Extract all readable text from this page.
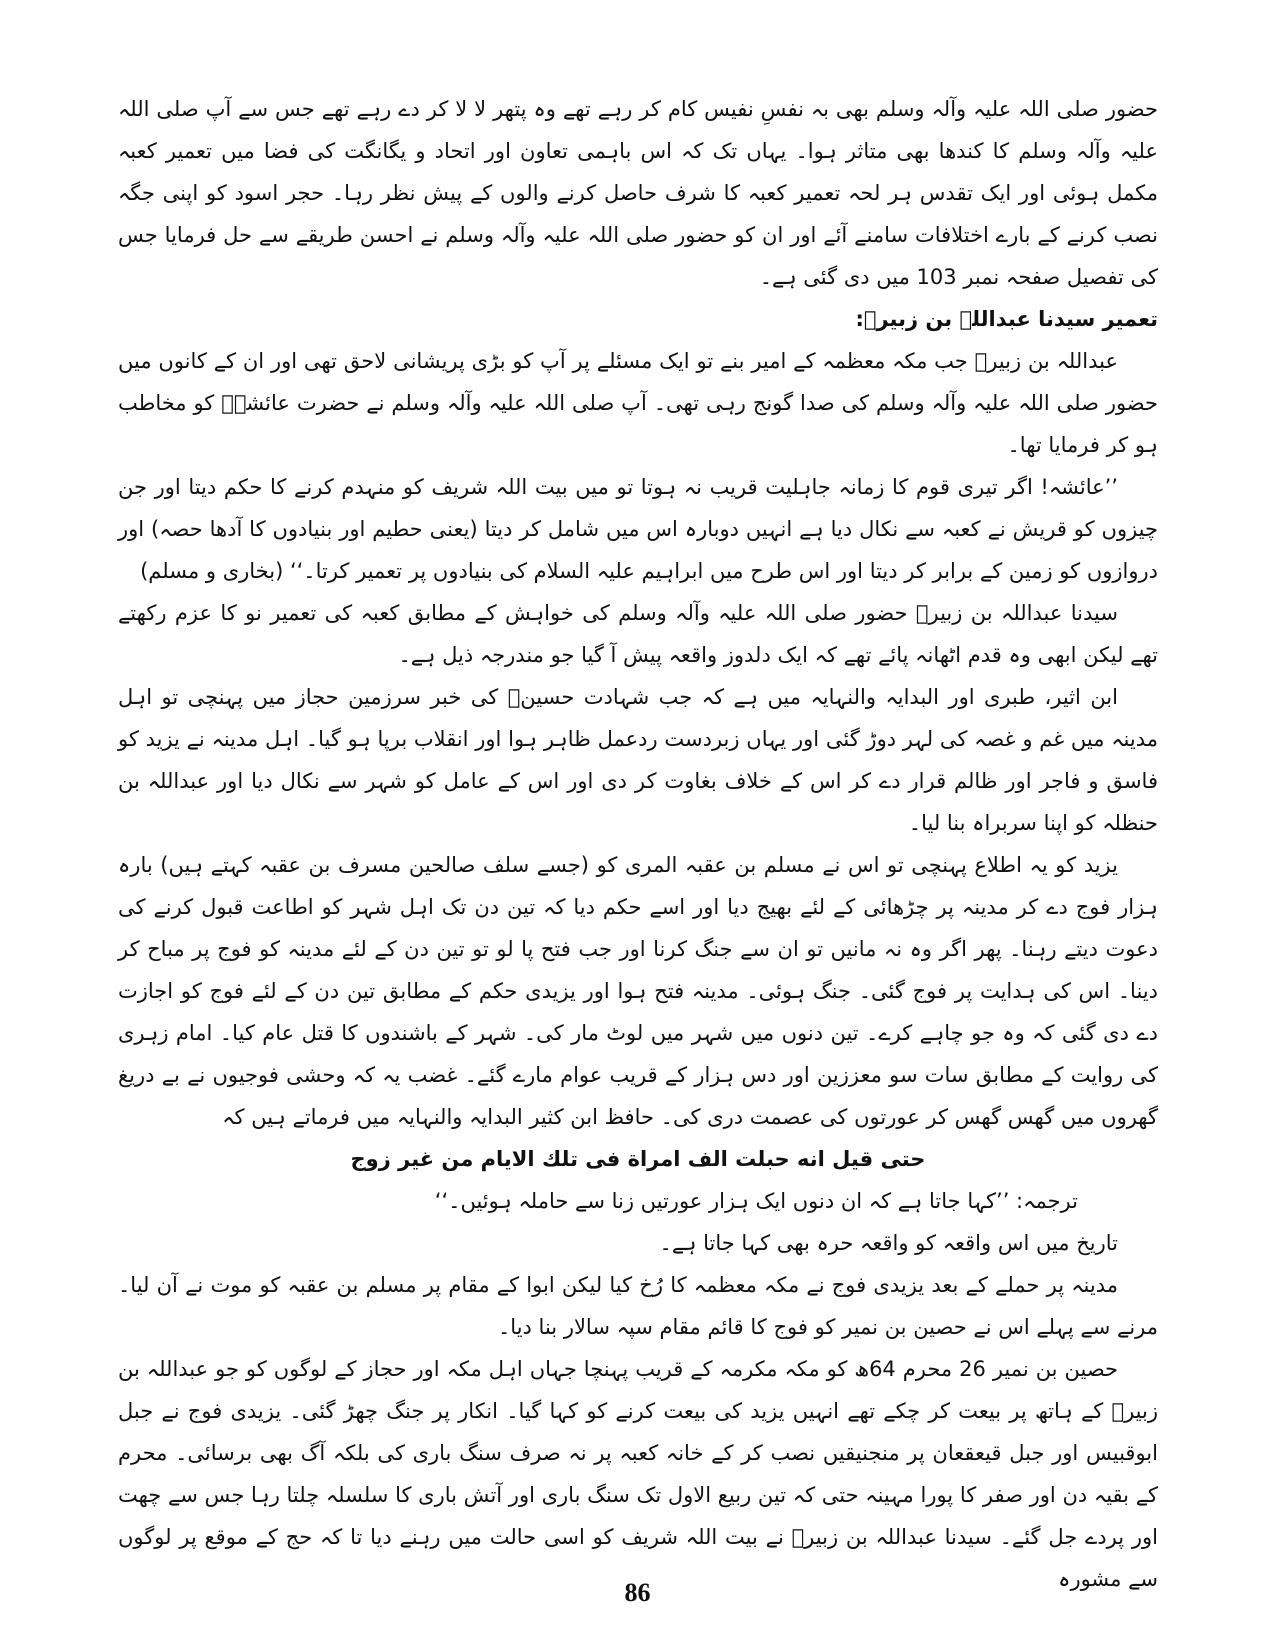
حضور صلی اللہ علیہ وآلہ وسلم بھی بہ نفسِ نفیس کام کر رہے تھے وہ پتھر لا لا کر دے رہے تھے جس سے آپ صلی اللہ علیہ وآلہ وسلم کا کندھا بھی متاثر ہوا۔ یہاں تک کہ اس باہمی تعاون اور اتحاد و یگانگت کی فضا میں تعمیر کعبہ مکمل ہوئی اور ایک تقدس ہر لحہ تعمیر کعبہ کا شرف حاصل کرنے والوں کے پیش نظر رہا۔ حجر اسود کو اپنی جگہ نصب کرنے کے بارے اختلافات سامنے آئے اور ان کو حضور صلی اللہ علیہ وآلہ وسلم نے احسن طریقے سے حل فرمایا جس کی تفصیل صفحہ نمبر 103 میں دی گئی ہے۔

تعمیر سیدنا عبداللہ بن زبیرؓ:

عبداللہ بن زبیرؓ جب مکہ معظمہ کے امیر بنے تو ایک مسئلے پر آپ کو بڑی پریشانی لاحق تھی اور ان کے کانوں میں حضور صلی اللہ علیہ وآلہ وسلم کی صدا گونج رہی تھی۔ آپ صلی اللہ علیہ وآلہ وسلم نے حضرت عائشہؓ کو مخاطب ہو کر فرمایا تھا۔

’’عائشہ! اگر تیری قوم کا زمانہ جاہلیت قریب نہ ہوتا تو میں بیت اللہ شریف کو منہدم کرنے کا حکم دیتا اور جن چیزوں کو قریش نے کعبہ سے نکال دیا ہے انہیں دوبارہ اس میں شامل کر دیتا (یعنی حطیم اور بنیادوں کا آدھا حصہ) اور دروازوں کو زمین کے برابر کر دیتا اور اس طرح میں ابراہیم علیہ السلام کی بنیادوں پر تعمیر کرتا۔‘‘ (بخاری و مسلم)

سیدنا عبداللہ بن زبیرؓ حضور صلی اللہ علیہ وآلہ وسلم کی خواہش کے مطابق کعبہ کی تعمیر نو کا عزم رکھتے تھے لیکن ابھی وہ قدم اٹھانہ پائے تھے کہ ایک دلدوز واقعہ پیش آ گیا جو مندرجہ ذیل ہے۔

ابن اثیر، طبری اور البدایہ والنہایہ میں ہے کہ جب شہادت حسینؓ کی خبر سرزمین حجاز میں پہنچی تو اہل مدینہ میں غم و غصہ کی لہر دوڑ گئی اور یہاں زبردست ردعمل ظاہر ہوا اور انقلاب برپا ہو گیا۔ اہل مدینہ نے یزید کو فاسق و فاجر اور ظالم قرار دے کر اس کے خلاف بغاوت کر دی اور اس کے عامل کو شہر سے نکال دیا اور عبداللہ بن حنظلہ کو اپنا سربراہ بنا لیا۔

یزید کو یہ اطلاع پہنچی تو اس نے مسلم بن عقبہ المری کو (جسے سلف صالحین مسرف بن عقبہ کہتے ہیں) بارہ ہزار فوج دے کر مدینہ پر چڑھائی کے لئے بھیج دیا اور اسے حکم دیا کہ تین دن تک اہل شہر کو اطاعت قبول کرنے کی دعوت دیتے رہنا۔ پھر اگر وہ نہ مانیں تو ان سے جنگ کرنا اور جب فتح پا لو تو تین دن کے لئے مدینہ کو فوج پر مباح کر دینا۔ اس کی ہدایت پر فوج گئی۔ جنگ ہوئی۔ مدینہ فتح ہوا اور یزیدی حکم کے مطابق تین دن کے لئے فوج کو اجازت دے دی گئی کہ وہ جو چاہے کرے۔ تین دنوں میں شہر میں لوٹ مار کی۔ شہر کے باشندوں کا قتل عام کیا۔ امام زہری کی روایت کے مطابق سات سو معززین اور دس ہزار کے قریب عوام مارے گئے۔ غضب یہ کہ وحشی فوجیوں نے بے دریغ گھروں میں گھس گھس کر عورتوں کی عصمت دری کی۔ حافظ ابن کثیر البدایہ والنہایہ میں فرماتے ہیں کہ

حتی قیل انه حبلت الف امراة فی تلك الایام من غیر زوج

ترجمہ: ’’کہا جاتا ہے کہ ان دنوں ایک ہزار عورتیں زنا سے حاملہ ہوئیں۔‘‘

تاریخ میں اس واقعہ کو واقعہ حرہ بھی کہا جاتا ہے۔

مدینہ پر حملے کے بعد یزیدی فوج نے مکہ معظمہ کا رُخ کیا لیکن ابوا کے مقام پر مسلم بن عقبہ کو موت نے آن لیا۔ مرنے سے پہلے اس نے حصین بن نمیر کو فوج کا قائم مقام سپہ سالار بنا دیا۔

حصین بن نمیر 26 محرم 64ھ کو مکہ مکرمہ کے قریب پہنچا جہاں اہل مکہ اور حجاز کے لوگوں کو جو عبداللہ بن زبیرؓ کے ہاتھ پر بیعت کر چکے تھے انہیں یزید کی بیعت کرنے کو کہا گیا۔ انکار پر جنگ چھڑ گئی۔ یزیدی فوج نے جبل ابوقبیس اور جبل قیعقعان پر منجنیقیں نصب کر کے خانہ کعبہ پر نہ صرف سنگ باری کی بلکہ آگ بھی برسائی۔ محرم کے بقیہ دن اور صفر کا پورا مہینہ حتی کہ تین ربیع الاول تک سنگ باری اور آتش باری کا سلسلہ چلتا رہا جس سے چھت اور پردے جل گئے۔ سیدنا عبداللہ بن زبیرؓ نے بیت اللہ شریف کو اسی حالت میں رہنے دیا تا کہ حج کے موقع پر لوگوں سے مشورہ

86
